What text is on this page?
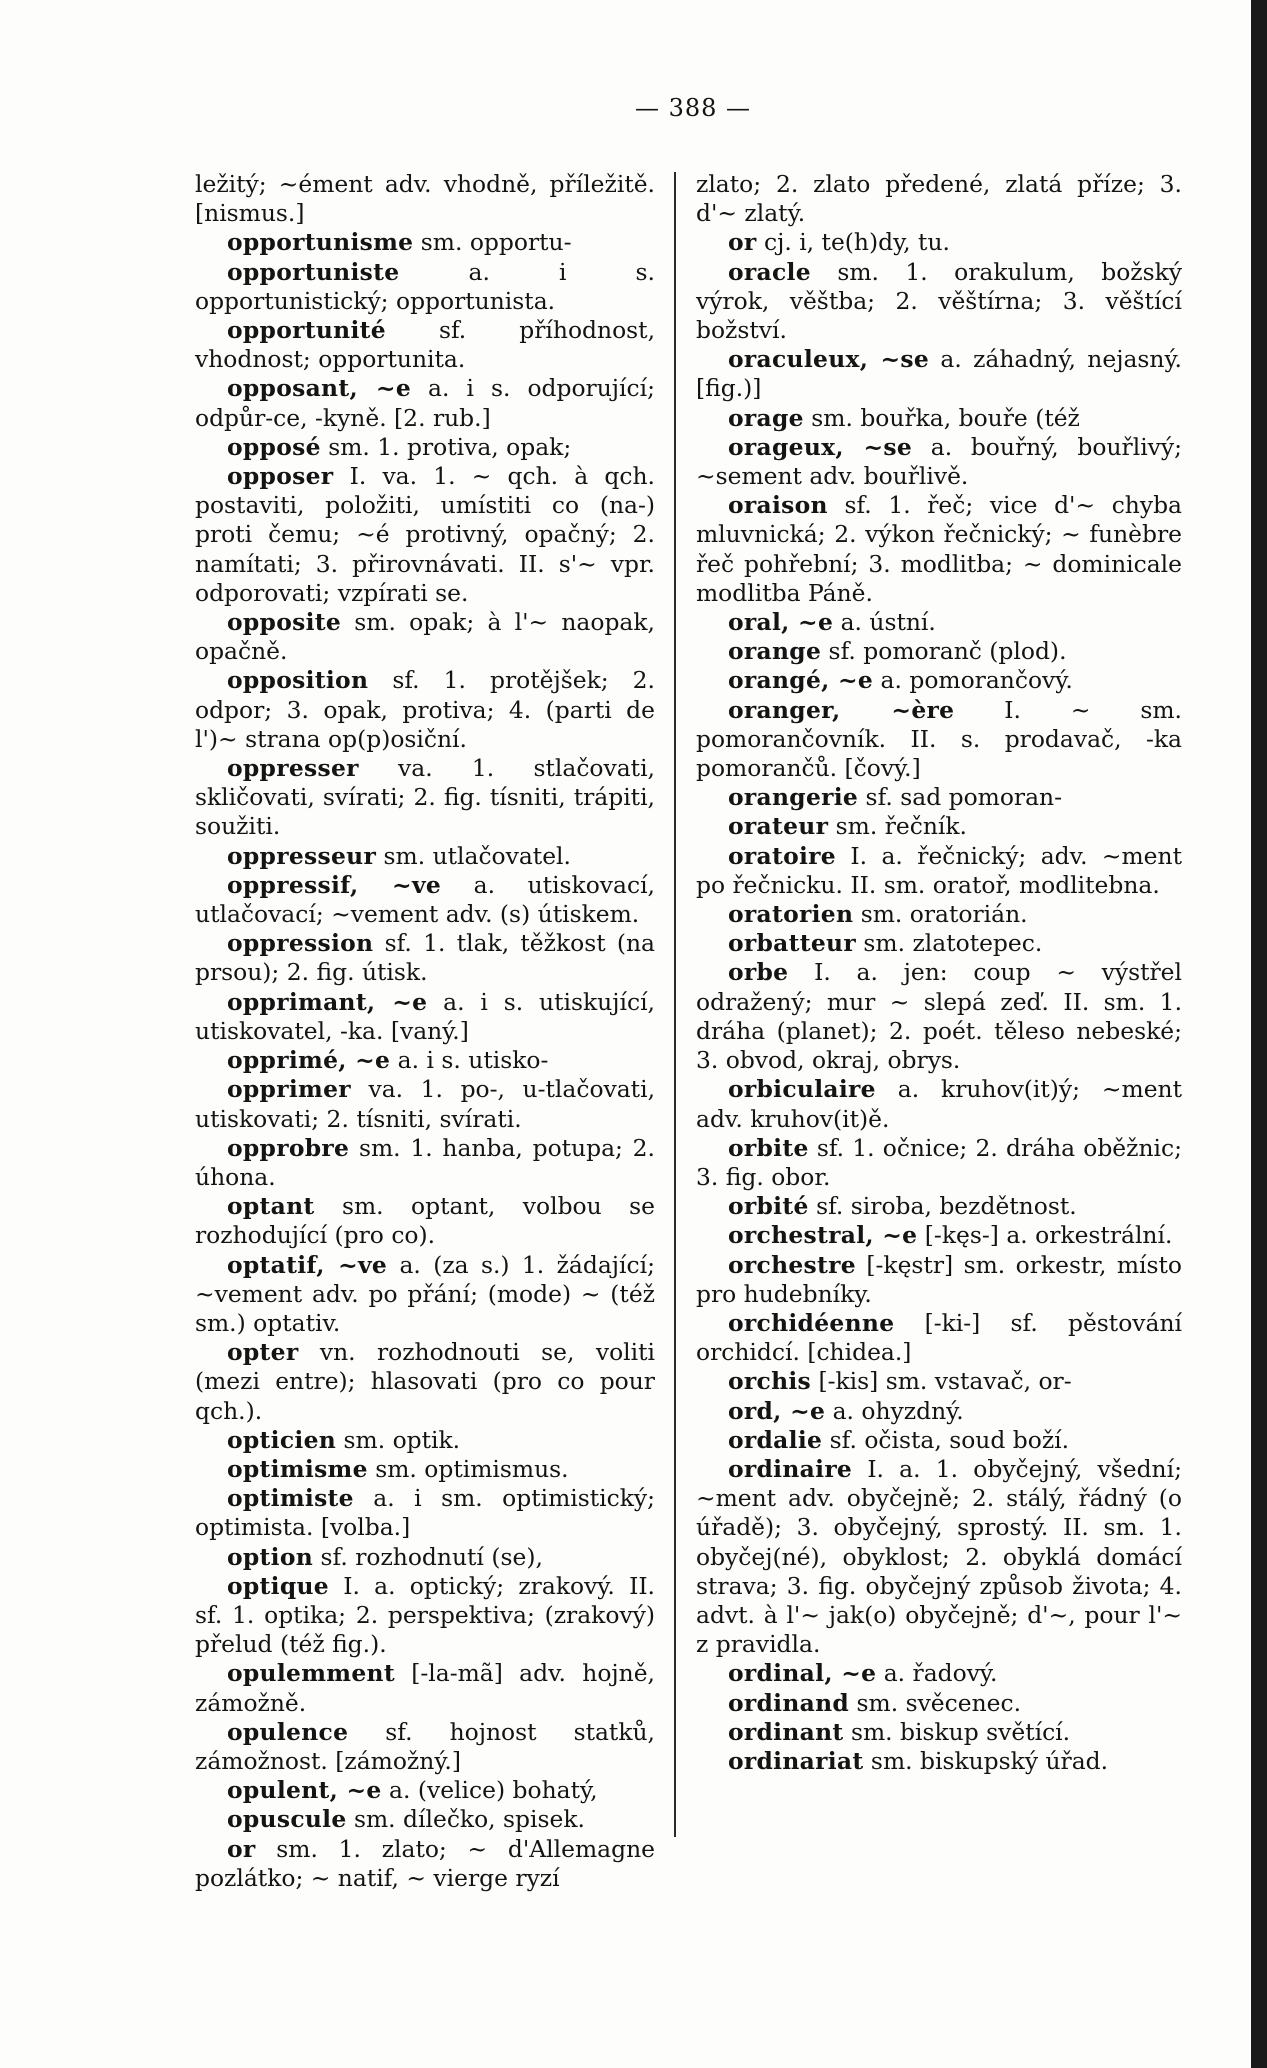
— 388 —

ležitý; ~ément adv. vhodně, příležitě. [nismus.]

opportunisme sm. opportu-

opportuniste a. i s. opportunistický; opportunista.

opportunité sf. příhodnost, vhodnost; opportunita.

opposant, ~e a. i s. odporující; odpůr-ce, -kyně. [2. rub.]

opposé sm. 1. protiva, opak;

opposer I. va. 1. ~ qch. à qch. postaviti, položiti, umístiti co (na-) proti čemu; ~é protivný, opačný; 2. namítati; 3. přirovnávati. II. s'~ vpr. odporovati; vzpírati se.

opposite sm. opak; à l'~ naopak, opačně.

opposition sf. 1. protějšek; 2. odpor; 3. opak, protiva; 4. (parti de l')~ strana op(p)osiční.

oppresser va. 1. stlačovati, skličovati, svírati; 2. fig. tísniti, trápiti, soužiti.

oppresseur sm. utlačovatel.

oppressif, ~ve a. utiskovací, utlačovací; ~vement adv. (s) útiskem.

oppression sf. 1. tlak, těžkost (na prsou); 2. fig. útisk.

opprimant, ~e a. i s. utiskující, utiskovatel, -ka. [vaný.]

opprimé, ~e a. i s. utisko-

opprimer va. 1. po-, u-tlačovati, utiskovati; 2. tísniti, svírati.

opprobre sm. 1. hanba, potupa; 2. úhona.

optant sm. optant, volbou se rozhodující (pro co).

optatif, ~ve a. (za s.) 1. žádající; ~vement adv. po přání; (mode) ~ (též sm.) optativ.

opter vn. rozhodnouti se, voliti (mezi entre); hlasovati (pro co pour qch.).

opticien sm. optik.

optimisme sm. optimismus.

optimiste a. i sm. optimistický; optimista. [volba.]

option sf. rozhodnutí (se),

optique I. a. optický; zrakový. II. sf. 1. optika; 2. perspektiva; (zrakový) přelud (též fig.).

opulemment [-la-mã] adv. hojně, zámožně.

opulence sf. hojnost statků, zámožnost. [zámožný.]

opulent, ~e a. (velice) bohatý,

opuscule sm. dílečko, spisek.

or sm. 1. zlato; ~ d'Allemagne pozlátko; ~ natif, ~ vierge ryzí

zlato; 2. zlato předené, zlatá příze; 3. d'~ zlatý.

or cj. i, te(h)dy, tu.

oracle sm. 1. orakulum, božský výrok, věštba; 2. věštírna; 3. věštící božství.

oraculeux, ~se a. záhadný, nejasný. [fig.)]

orage sm. bouřka, bouře (též

orageux, ~se a. bouřný, bouřlivý; ~sement adv. bouřlivě.

oraison sf. 1. řeč; vice d'~ chyba mluvnická; 2. výkon řečnický; ~ funèbre řeč pohřební; 3. modlitba; ~ dominicale modlitba Páně.

oral, ~e a. ústní.

orange sf. pomoranč (plod).

orangé, ~e a. pomorančový.

oranger, ~ère I. ~ sm. pomorančovník. II. s. prodavač, -ka pomorančů. [čový.]

orangerie sf. sad pomoran-

orateur sm. řečník.

oratoire I. a. řečnický; adv. ~ment po řečnicku. II. sm. oratoř, modlitebna.

oratorien sm. oratorián.

orbatteur sm. zlatotepec.

orbe I. a. jen: coup ~ výstřel odražený; mur ~ slepá zeď. II. sm. 1. dráha (planet); 2. poét. těleso nebeské; 3. obvod, okraj, obrys.

orbiculaire a. kruhov(it)ý; ~ment adv. kruhov(it)ě.

orbite sf. 1. očnice; 2. dráha oběžnic; 3. fig. obor.

orbité sf. siroba, bezdětnost.

orchestral, ~e [-kęs-] a. orkestrální.

orchestre [-kęstr] sm. orkestr, místo pro hudebníky.

orchidéenne [-ki-] sf. pěstování orchidcí. [chidea.]

orchis [-kis] sm. vstavač, or-

ord, ~e a. ohyzdný.

ordalie sf. očista, soud boží.

ordinaire I. a. 1. obyčejný, všední; ~ment adv. obyčejně; 2. stálý, řádný (o úřadě); 3. obyčejný, sprostý. II. sm. 1. obyčej(né), obyklost; 2. obyklá domácí strava; 3. fig. obyčejný způsob života; 4. advt. à l'~ jak(o) obyčejně; d'~, pour l'~ z pravidla.

ordinal, ~e a. řadový.

ordinand sm. svěcenec.

ordinant sm. biskup světící.

ordinariat sm. biskupský úřad.
